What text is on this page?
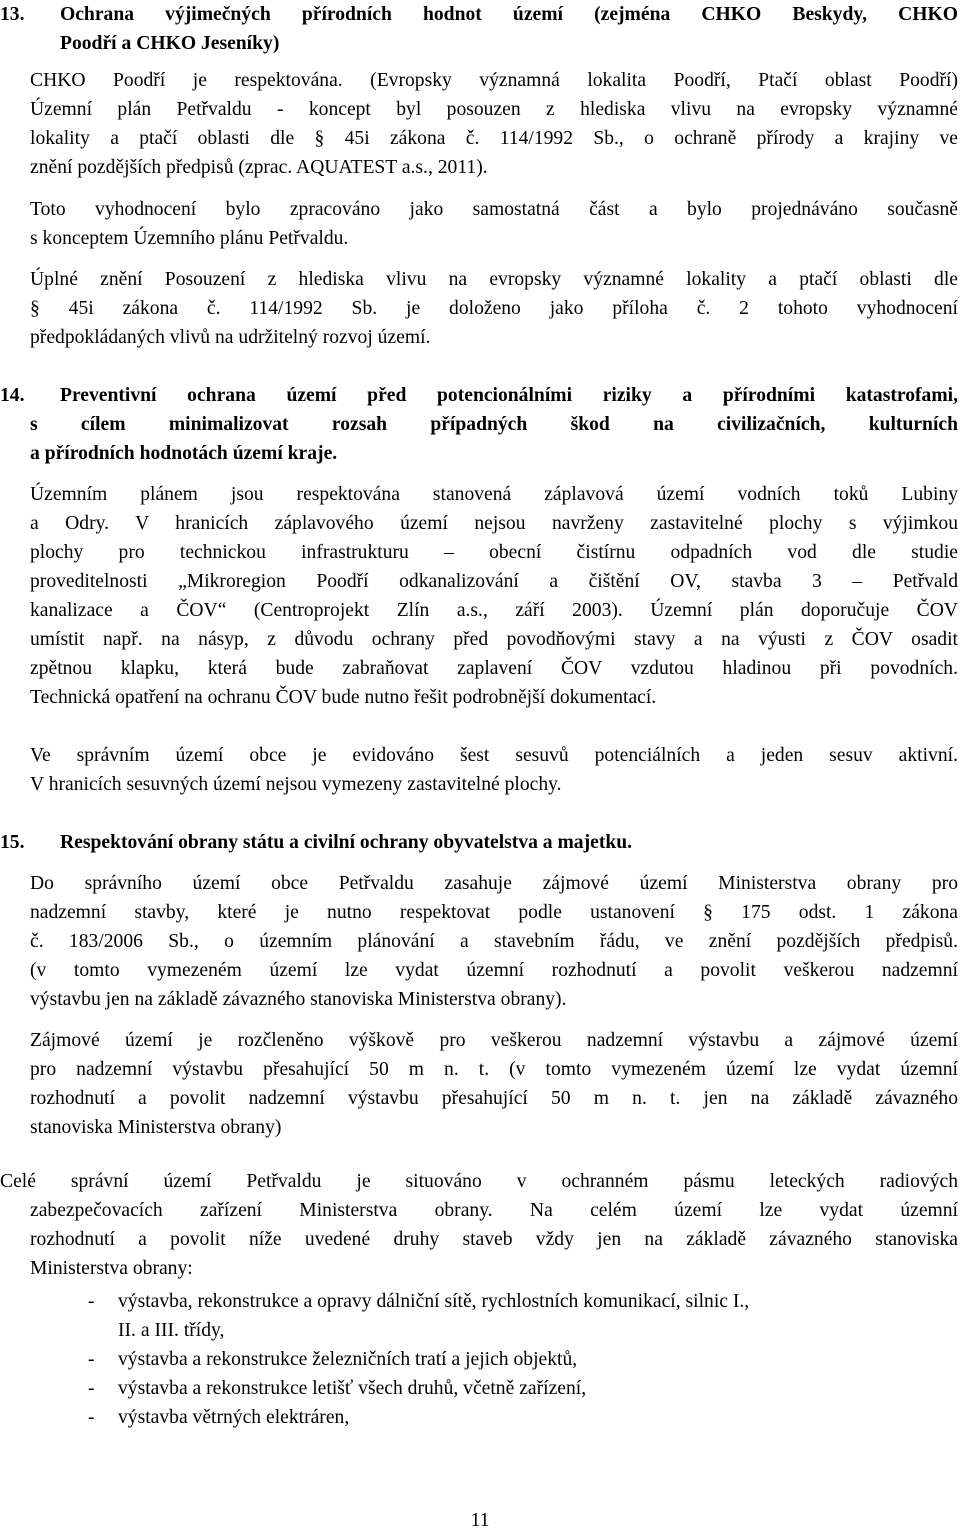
13.	Ochrana výjimečných přírodních hodnot území (zejména CHKO Beskydy, CHKO
Poodří a CHKO Jeseníky)
CHKO Poodří je respektována. (Evropsky významná lokalita Poodří, Ptačí oblast Poodří)
Územní plán Petřvaldu - koncept byl posouzen z hlediska vlivu na evropsky významné
lokality a ptačí oblasti dle § 45i zákona č. 114/1992 Sb., o ochraně přírody a krajiny ve
znění pozdějších předpisů (zprac. AQUATEST a.s., 2011).
Toto vyhodnocení bylo zpracováno jako samostatná část a bylo projednáváno současně
s konceptem Územního plánu Petřvaldu.
Úplné znění Posouzení z hlediska vlivu na evropsky významné lokality a ptačí oblasti dle
§ 45i zákona č. 114/1992 Sb. je doloženo jako příloha č. 2 tohoto vyhodnocení
předpokládaných vlivů na udržitelný rozvoj území.
14.	Preventivní ochrana území před potencionálními riziky a přírodními katastrofami,
s cílem minimalizovat rozsah případných škod na civilizačních, kulturních
a přírodních hodnotách území kraje.
Územním plánem jsou respektována stanovená záplavová území vodních toků Lubiny
a Odry. V hranicích záplavového území nejsou navrženy zastavitelné plochy s výjimkou
plochy pro technickou infrastrukturu – obecní čistírnu odpadních vod dle studie
proveditelnosti „Mikroregion Poodří odkanalizování a čištění OV, stavba 3 – Petřvald
kanalizace a ČOV“ (Centroprojekt Zlín a.s., září 2003). Územní plán doporučuje ČOV
umístit např. na násyp, z důvodu ochrany před povodňovými stavy a na výusti z ČOV osadit
zpětnou klapku, která bude zabraňovat zaplavení ČOV vzdutou hladinou při povodních.
Technická opatření na ochranu ČOV bude nutno řešit podrobnější dokumentací.
Ve správním území obce je evidováno šest sesuvů potenciálních a jeden sesuv aktivní.
V hranicích sesuvných území nejsou vymezeny zastavitelné plochy.
15.	Respektování obrany státu a civilní ochrany obyvatelstva a majetku.
Do správního území obce Petřvaldu zasahuje zájmové území Ministerstva obrany pro
nadzemní stavby, které je nutno respektovat podle ustanovení § 175 odst. 1 zákona
č. 183/2006 Sb., o územním plánování a stavebním řádu, ve znění pozdějších předpisů.
(v tomto vymezeném území lze vydat územní rozhodnutí a povolit veškerou nadzemní
výstavbu jen na základě závazného stanoviska Ministerstva obrany).
Zájmové území je rozčleněno výškově pro veškerou nadzemní výstavbu a zájmové území
pro nadzemní výstavbu přesahující 50 m n. t. (v tomto vymezeném území lze vydat územní
rozhodnutí a povolit nadzemní výstavbu přesahující 50 m n. t. jen na základě závazného
stanoviska Ministerstva obrany)
Celé správní území Petřvaldu je situováno v ochranném pásmu leteckých radiových
zabezpečovacích zařízení Ministerstva obrany. Na celém území lze vydat územní
rozhodnutí a povolit níže uvedené druhy staveb vždy jen na základě závazného stanoviska
Ministerstva obrany:
-	výstavba, rekonstrukce a opravy dálniční sítě, rychlostních komunikací, silnic I.,
II. a III. třídy,
-	výstavba a rekonstrukce železničních tratí a jejich objektů,
-	výstavba a rekonstrukce letišť všech druhů, včetně zařízení,
-	výstavba větrných elektráren,
11
